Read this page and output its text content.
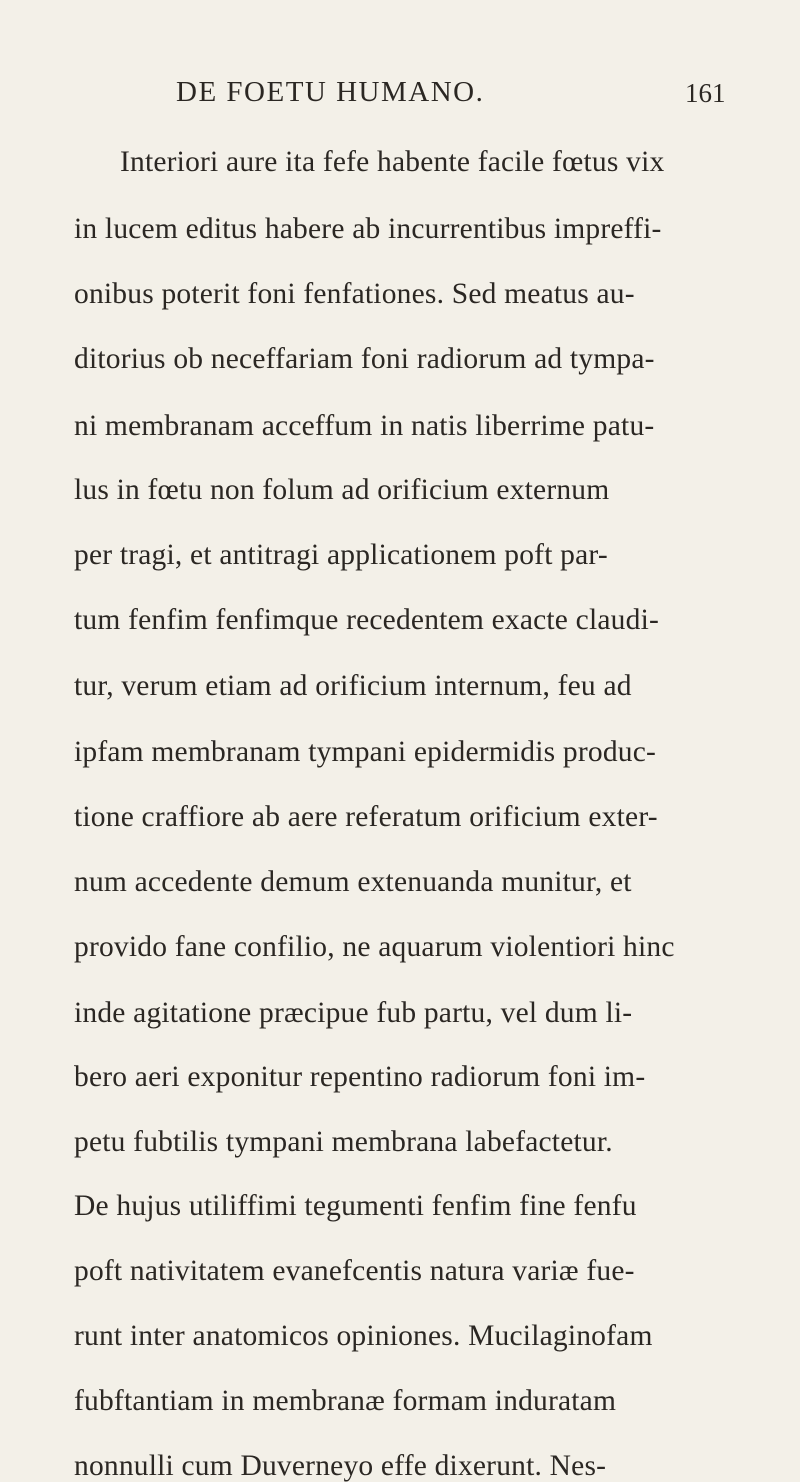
DE FOETU HUMANO.	161
Interiori aure ita fefe habente facile fœtus vix
in lucem editus habere ab incurrentibus impreffi-
onibus poterit foni fenfationes. Sed meatus au-
ditorius ob neceffariam foni radiorum ad tympa-
ni membranam acceffum in natis liberrime patu-
lus in fœtu non folum ad orificium externum
per tragi, et antitragi applicationem poft par-
tum fenfim fenfimque recedentem exacte claudi-
tur, verum etiam ad orificium internum, feu ad
ipfam membranam tympani epidermidis produc-
tione craffiore ab aere referatum orificium exter-
num accedente demum extenuanda munitur, et
provido fane confilio, ne aquarum violentiori hinc
inde agitatione præcipue fub partu, vel dum li-
bero aeri exponitur repentino radiorum foni im-
petu fubtilis tympani membrana labefactetur.
De hujus utiliffimi tegumenti fenfim fine fenfu
poft nativitatem evanefcentis natura variæ fue-
runt inter anatomicos opiniones. Mucilaginofam
fubftantiam in membranæ formam induratam
nonnulli cum Duverneyo effe dixerunt. Nes-
